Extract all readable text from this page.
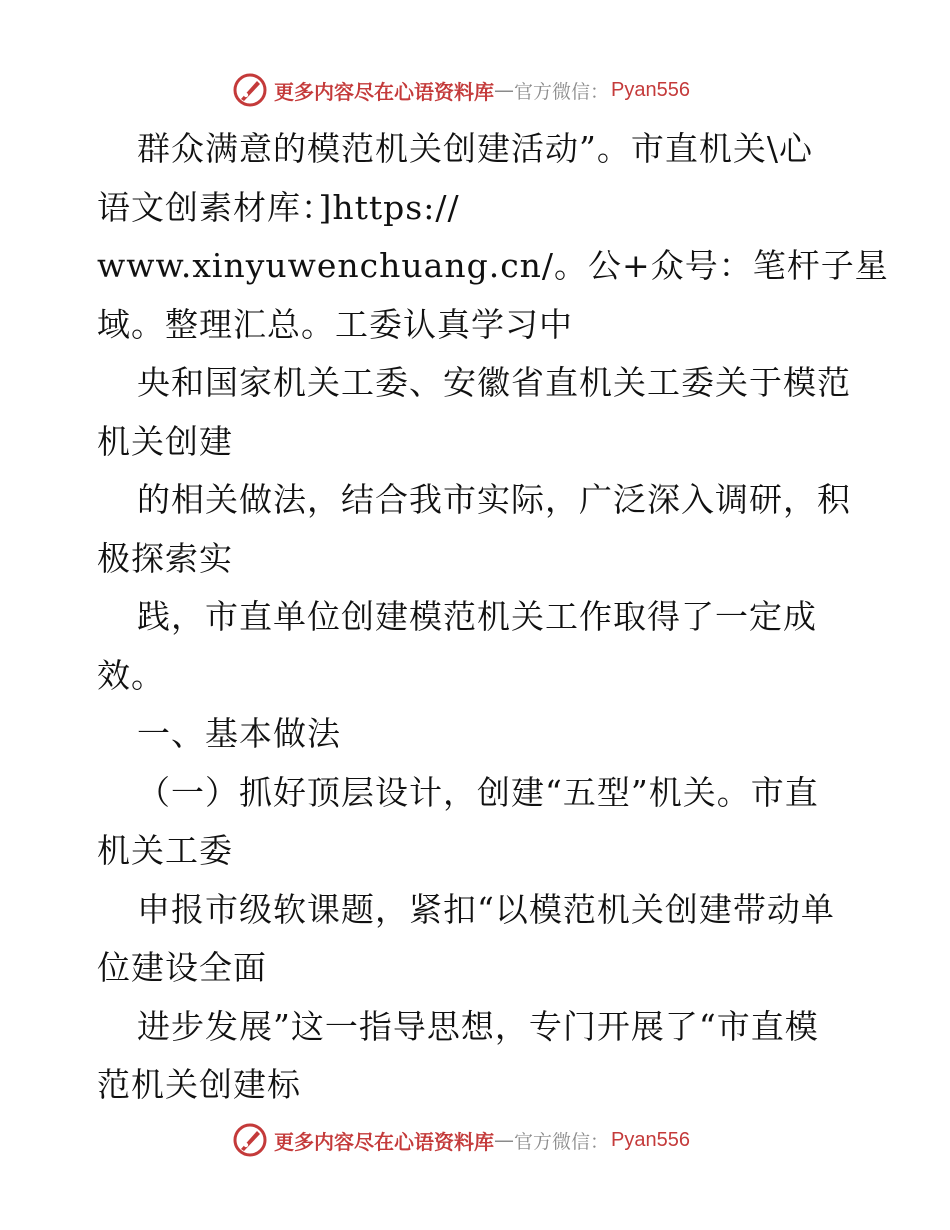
更多内容尽在心语资料库 — 官方微信： Pyan556
群众满意的模范机关创建活动”。市直机关\心
语文创素材库：]https://
www.xinyuwenchuang.cn/。公+众号：笔杆子星
域。整理汇总。工委认真学习中
央和国家机关工委、安徽省直机关工委关于模范
机关创建
的相关做法，结合我市实际，广泛深入调研，积
极探索实
践，市直单位创建模范机关工作取得了一定成
效。
一、基本做法
（一）抓好顶层设计，创建“五型”机关。市直
机关工委
申报市级软课题，紧扣“以模范机关创建带动单
位建设全面
进步发展”这一指导思想，专门开展了“市直模
范机关创建标
更多内容尽在心语资料库 — 官方微信： Pyan556
